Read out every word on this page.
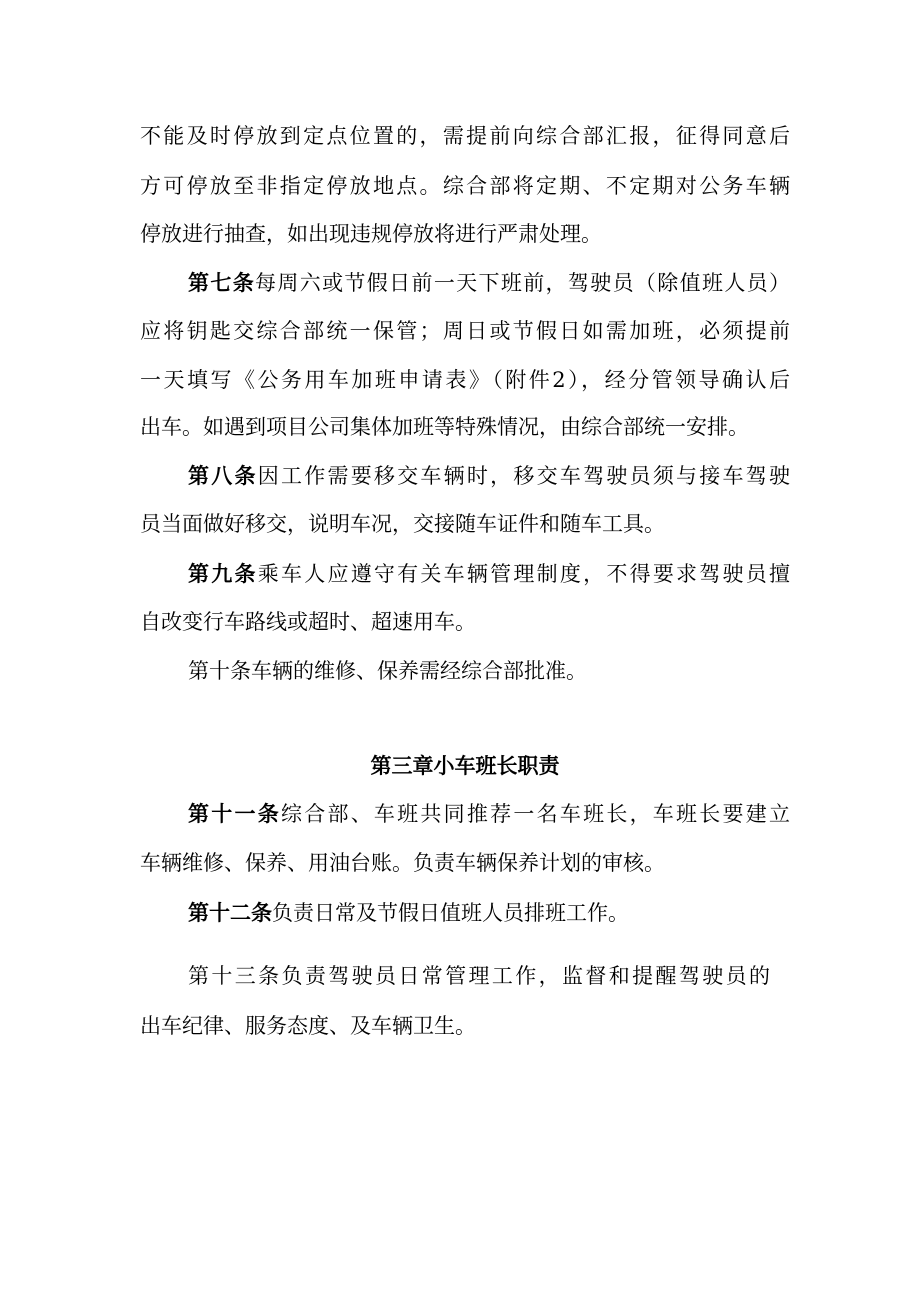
不能及时停放到定点位置的，需提前向综合部汇报，征得同意后
方可停放至非指定停放地点。综合部将定期、不定期对公务车辆
停放进行抽查，如出现违规停放将进行严肃处理。
第七条每周六或节假日前一天下班前，驾驶员（除值班人员）
应将钥匙交综合部统一保管；周日或节假日如需加班，必须提前
一天填写《公务用车加班申请表》（附件2），经分管领导确认后
出车。如遇到项目公司集体加班等特殊情况，由综合部统一安排。
第八条因工作需要移交车辆时，移交车驾驶员须与接车驾驶
员当面做好移交，说明车况，交接随车证件和随车工具。
第九条乘车人应遵守有关车辆管理制度，不得要求驾驶员擅
自改变行车路线或超时、超速用车。
第十条车辆的维修、保养需经综合部批准。
第三章小车班长职责
第十一条综合部、车班共同推荐一名车班长，车班长要建立
车辆维修、保养、用油台账。负责车辆保养计划的审核。
第十二条负责日常及节假日值班人员排班工作。
第十三条负责驾驶员日常管理工作，监督和提醒驾驶员的
出车纪律、服务态度、及车辆卫生。
